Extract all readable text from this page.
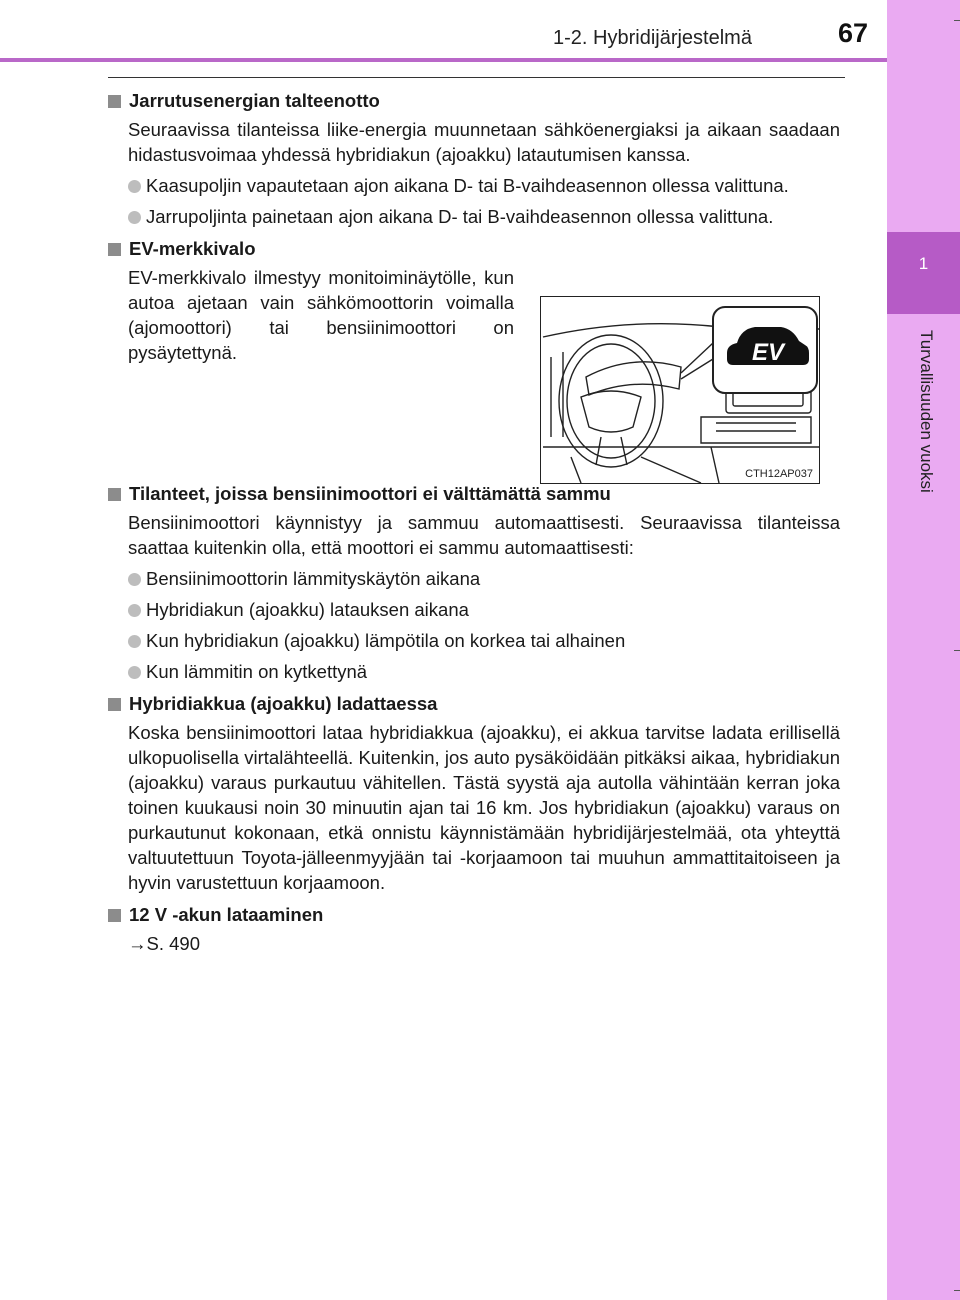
1
Turvallisuuden vuoksi
1-2. Hybridijärjestelmä	67
EV
CTH12AP037
Jarrutusenergian talteenotto
Seuraavissa tilanteissa liike-energia muunnetaan sähköenergiaksi ja aikaan saadaan hidastusvoimaa yhdessä hybridiakun (ajoakku) latautumisen kanssa.
Kaasupoljin vapautetaan ajon aikana D- tai B-vaihdeasennon ollessa valittuna.
Jarrupoljinta painetaan ajon aikana D- tai B-vaihdeasennon ollessa valittuna.
EV-merkkivalo
EV-merkkivalo ilmestyy monitoiminäytölle, kun autoa ajetaan vain sähkömoottorin voimalla (ajomoottori) tai bensiinimoottori on pysäytettynä.
Tilanteet, joissa bensiinimoottori ei välttämättä sammu
Bensiinimoottori käynnistyy ja sammuu automaattisesti. Seuraavissa tilanteissa saattaa kuitenkin olla, että moottori ei sammu automaattisesti:
Bensiinimoottorin lämmityskäytön aikana
Hybridiakun (ajoakku) latauksen aikana
Kun hybridiakun (ajoakku) lämpötila on korkea tai alhainen
Kun lämmitin on kytkettynä
Hybridiakkua (ajoakku) ladattaessa
Koska bensiinimoottori lataa hybridiakkua (ajoakku), ei akkua tarvitse ladata erillisellä ulkopuolisella virtalähteellä. Kuitenkin, jos auto pysäköidään pitkäksi aikaa, hybridiakun (ajoakku) varaus purkautuu vähitellen. Tästä syystä aja autolla vähintään kerran joka toinen kuukausi noin 30 minuutin ajan tai 16 km. Jos hybridiakun (ajoakku) varaus on purkautunut kokonaan, etkä onnistu käynnistämään hybridijärjestelmää, ota yhteyttä valtuutettuun Toyota-jälleenmyyjään tai -korjaamoon tai muuhun ammattitaitoiseen ja hyvin varustettuun korjaamoon.
12 V -akun lataaminen
→S. 490
